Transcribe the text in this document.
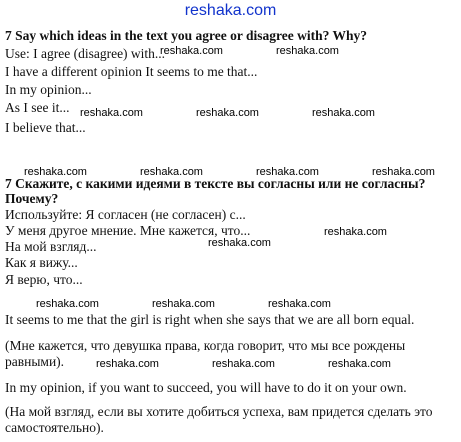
reshaka.com
7 Say which ideas in the text you agree or disagree with? Why?
Use: I agree (disagree) with...
I have a different opinion It seems to me that...
In my opinion...
As I see it...
I believe that...
7 Скажите, с какими идеями в тексте вы согласны или не согласны?
Почему?
Используйте: Я согласен (не согласен) с...
У меня другое мнение. Мне кажется, что...
На мой взгляд...
Как я вижу...
Я верю, что...
It seems to me that the girl is right when she says that we are all born equal.
(Мне кажется, что девушка права, когда говорит, что мы все рождены равными).
In my opinion, if you want to succeed, you will have to do it on your own.
(На мой взгляд, если вы хотите добиться успеха, вам придется сделать это самостоятельно).
reshaka.com	reshaka.com
reshaka.com	reshaka.com	reshaka.com
reshaka.com	reshaka.com	reshaka.com	reshaka.com
reshaka.com
reshaka.com
reshaka.com	reshaka.com	reshaka.com
reshaka.com	reshaka.com	reshaka.com
